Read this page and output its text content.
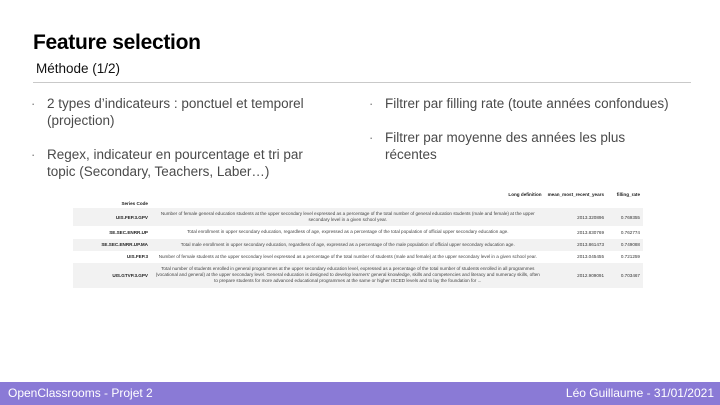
Feature selection
Méthode (1/2)
· 2 types d’indicateurs : ponctuel et temporel (projection)
· Regex, indicateur en pourcentage et tri par topic (Secondary, Teachers, Laber…)
· Filtrer par filling rate (toute années confondues)
· Filtrer par moyenne des années les plus récentes
	Long definition	mean_most_recent_years	filling_rate
Series Code			
UIS.FEP.3.GPV	Number of female general education students at the upper secondary level expressed as a percentage of the total number of general education students (male and female) at the upper secondary level in a given school year.	2013.320896	0.769355
SE.SEC.ENRR.UP	Total enrollment in upper secondary education, regardless of age, expressed as a percentage of the total population of official upper secondary education age.	2013.830769	0.762774
SE.SEC.ENRR.UP.MA	Total male enrollment in upper secondary education, regardless of age, expressed as a percentage of the male population of official upper secondary education age.	2013.861473	0.749088
UIS.FEP.3	Number of female students at the upper secondary level expressed as a percentage of the total number of students (male and female) at the upper secondary level in a given school year.	2013.045455	0.721259
UIS.GTVP.3.GPV	Total number of students enrolled in general programmes at the upper secondary education level, expressed as a percentage of the total number of students enrolled in all programmes (vocational and general) at the upper secondary level. General education is designed to develop learners' general knowledge, skills and competencies and literacy and numeracy skills, often to prepare students for more advanced educational programmes at the same or higher ISCED levels and to lay the foundation for ...	2012.909091	0.703467
OpenClassrooms - Projet 2	Léo Guillaume - 31/01/2021
